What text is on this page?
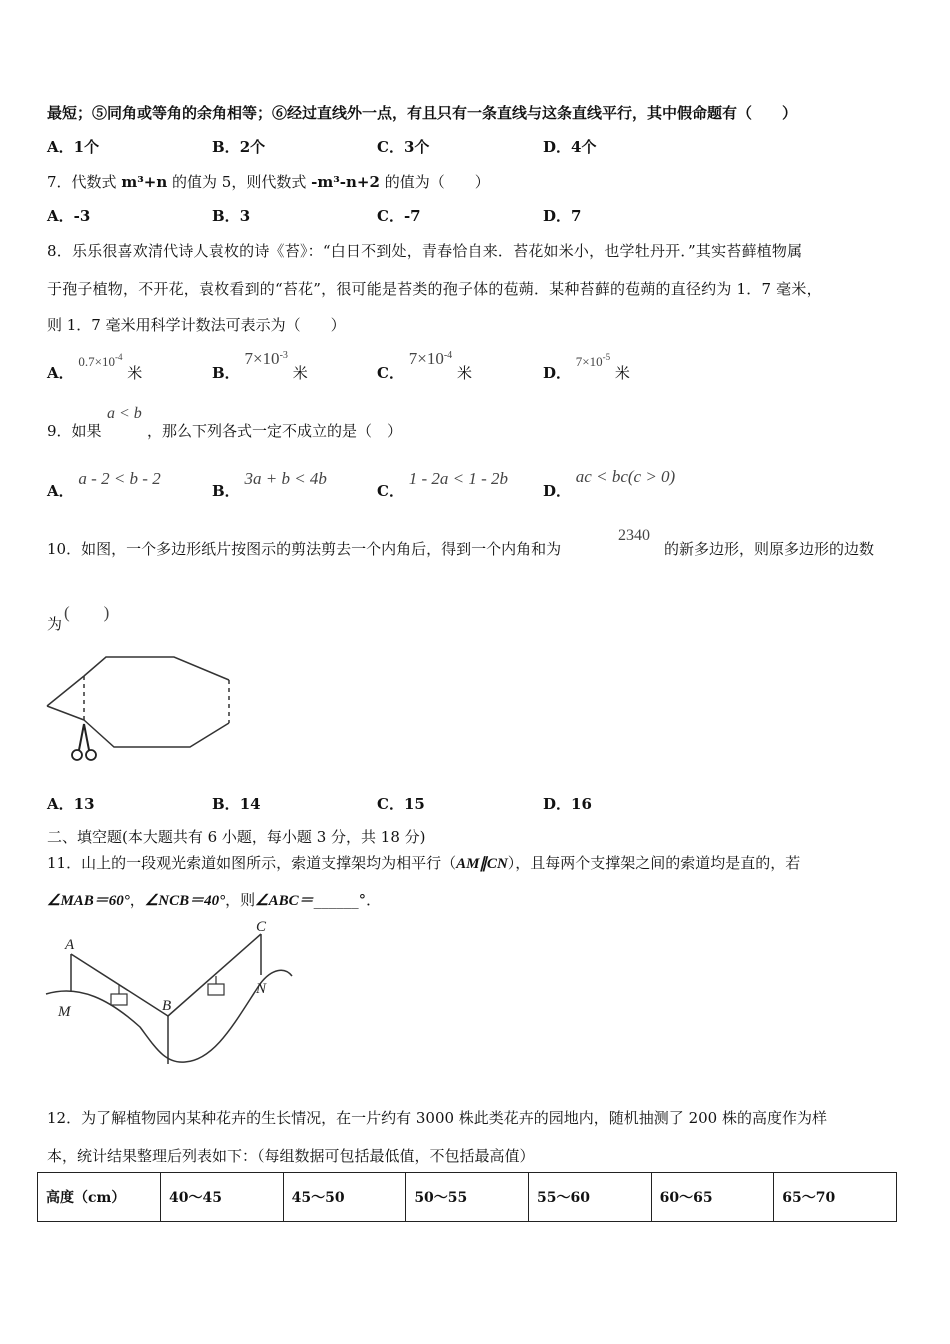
最短；⑤同角或等角的余角相等；⑥经过直线外一点，有且只有一条直线与这条直线平行，其中假命题有（　　）
A．1个	B．2个	C．3个	D．4个
7．代数式 m³+n 的值为 5，则代数式 -m³-n+2 的值为（　　）
A．-3	B．3	C．-7	D．7
8．乐乐很喜欢清代诗人袁枚的诗《苔》：“白日不到处，青春恰自来．苔花如米小，也学牡丹开．”其实苔藓植物属
于孢子植物，不开花，袁枚看到的“苔花”，很可能是苔类的孢子体的苞蒴．某种苔藓的苞蒴的直径约为 1．7 毫米，
则 1．7 毫米用科学计数法可表示为（　　）
A． $0.7\times 10^{-4}$ 米	B． $7\times 10^{-3}$ 米	C． $7\times 10^{-4}$ 米	D． $7\times 10^{-5}$ 米
9．如果
a < b
，那么下列各式一定不成立的是（　）
A． a - 2 < b - 2
B． 3a + b < 4b
C． 1 - 2a < 1 - 2b
D． ac < bc(c > 0)
10．如图，一个多边形纸片按图示的剪法剪去一个内角后，得到一个内角和为
2340
的新多边形，则原多边形的边数
为
(　　)
A．13	B．14	C．15	D．16
二、填空题(本大题共有 6 小题，每小题 3 分，共 18 分)
11．山上的一段观光索道如图所示，索道支撑架均为相平行（AM∥CN），且每两个支撑架之间的索道均是直的，若
∠MAB＝60°，∠NCB＝40°，则∠ABC＝______°．
A
M	B
C
N
12．为了解植物园内某种花卉的生长情况，在一片约有 3000 株此类花卉的园地内，随机抽测了 200 株的高度作为样
本，统计结果整理后列表如下：（每组数据可包括最低值，不包括最高值）
高度（cm）	40～45	45～50	50～55	55～60	60～65	65～70
